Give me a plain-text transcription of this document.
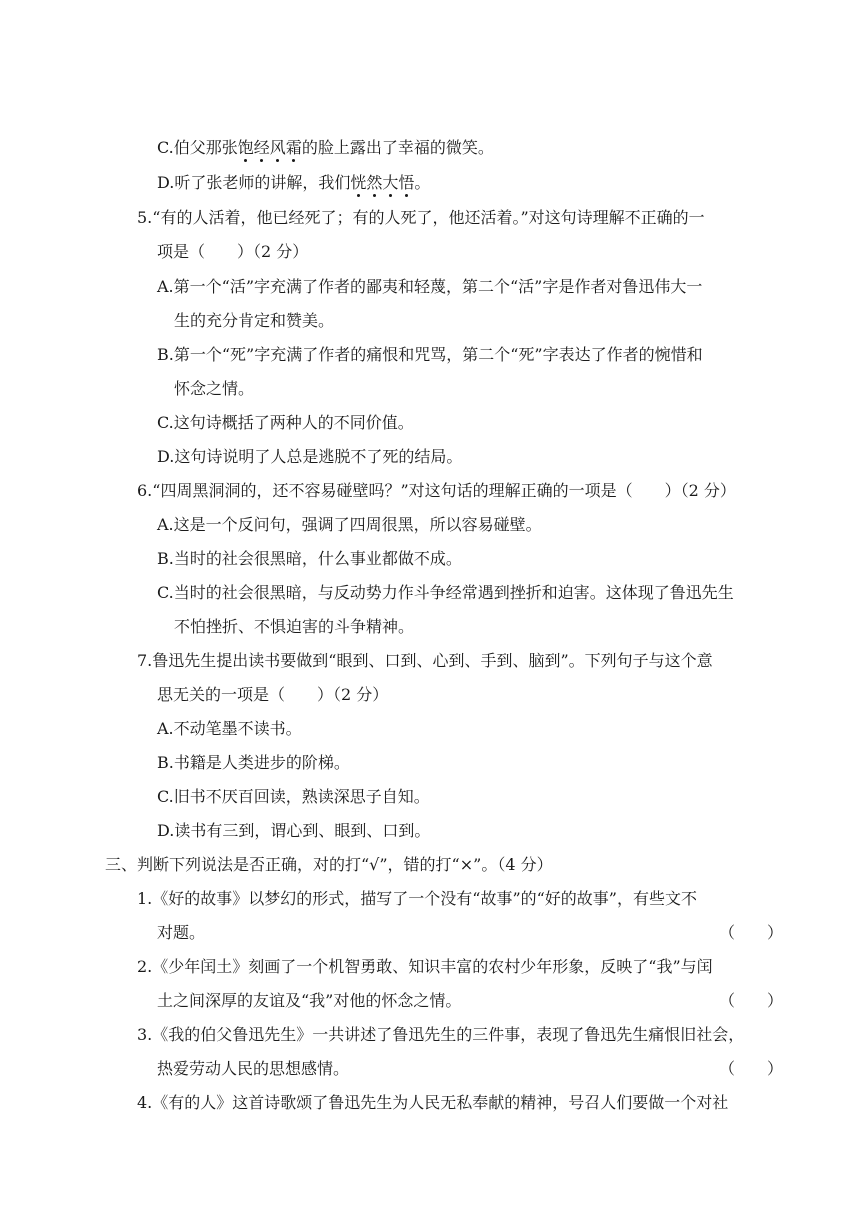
C.伯父那张饱经风霜的脸上露出了幸福的微笑。
D.听了张老师的讲解，我们恍然大悟。
5.“有的人活着，他已经死了；有的人死了，他还活着。”对这句诗理解不正确的一
项是（　　）（2 分）
A.第一个“活”字充满了作者的鄙夷和轻蔑，第二个“活”字是作者对鲁迅伟大一
生的充分肯定和赞美。
B.第一个“死”字充满了作者的痛恨和咒骂，第二个“死”字表达了作者的惋惜和
怀念之情。
C.这句诗概括了两种人的不同价值。
D.这句诗说明了人总是逃脱不了死的结局。
6.“四周黑洞洞的，还不容易碰壁吗？”对这句话的理解正确的一项是（　　）（2 分）
A.这是一个反问句，强调了四周很黑，所以容易碰壁。
B.当时的社会很黑暗，什么事业都做不成。
C.当时的社会很黑暗，与反动势力作斗争经常遇到挫折和迫害。这体现了鲁迅先生
不怕挫折、不惧迫害的斗争精神。
7.鲁迅先生提出读书要做到“眼到、口到、心到、手到、脑到”。下列句子与这个意
思无关的一项是（　　）（2 分）
A.不动笔墨不读书。
B.书籍是人类进步的阶梯。
C.旧书不厌百回读，熟读深思子自知。
D.读书有三到，谓心到、眼到、口到。
三、判断下列说法是否正确，对的打“√”，错的打“×”。（4 分）
1.《好的故事》以梦幻的形式，描写了一个没有“故事”的“好的故事”，有些文不
对题。	（　　）
2.《少年闰土》刻画了一个机智勇敢、知识丰富的农村少年形象，反映了“我”与闰
土之间深厚的友谊及“我”对他的怀念之情。	（　　）
3.《我的伯父鲁迅先生》一共讲述了鲁迅先生的三件事，表现了鲁迅先生痛恨旧社会，
热爱劳动人民的思想感情。	（　　）
4.《有的人》这首诗歌颂了鲁迅先生为人民无私奉献的精神，号召人们要做一个对社
